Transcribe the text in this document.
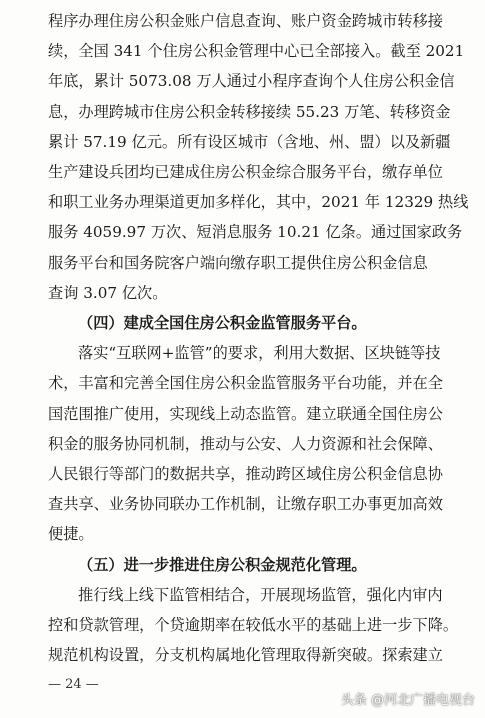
程序办理住房公积金账户信息查询、账户资金跨城市转移接
续，全国 341 个住房公积金管理中心已全部接入。截至 2021
年底，累计 5073.08 万人通过小程序查询个人住房公积金信
息，办理跨城市住房公积金转移接续 55.23 万笔、转移资金
累计 57.19 亿元。所有设区城市（含地、州、盟）以及新疆
生产建设兵团均已建成住房公积金综合服务平台，缴存单位
和职工业务办理渠道更加多样化，其中，2021 年 12329 热线
服务 4059.97 万次、短消息服务 10.21 亿条。通过国家政务
服务平台和国务院客户端向缴存职工提供住房公积金信息
查询 3.07 亿次。
（四）建成全国住房公积金监管服务平台。
落实“互联网+监管”的要求，利用大数据、区块链等技
术，丰富和完善全国住房公积金监管服务平台功能，并在全
国范围推广使用，实现线上动态监管。建立联通全国住房公
积金的服务协同机制，推动与公安、人力资源和社会保障、
人民银行等部门的数据共享，推动跨区域住房公积金信息协
查共享、业务协同联办工作机制，让缴存职工办事更加高效
便捷。
（五）进一步推进住房公积金规范化管理。
推行线上线下监管相结合，开展现场监管，强化内审内
控和贷款管理，个贷逾期率在较低水平的基础上进一步下降。
规范机构设置，分支机构属地化管理取得新突破。探索建立
— 24 —
头条 @河北广播电视台
